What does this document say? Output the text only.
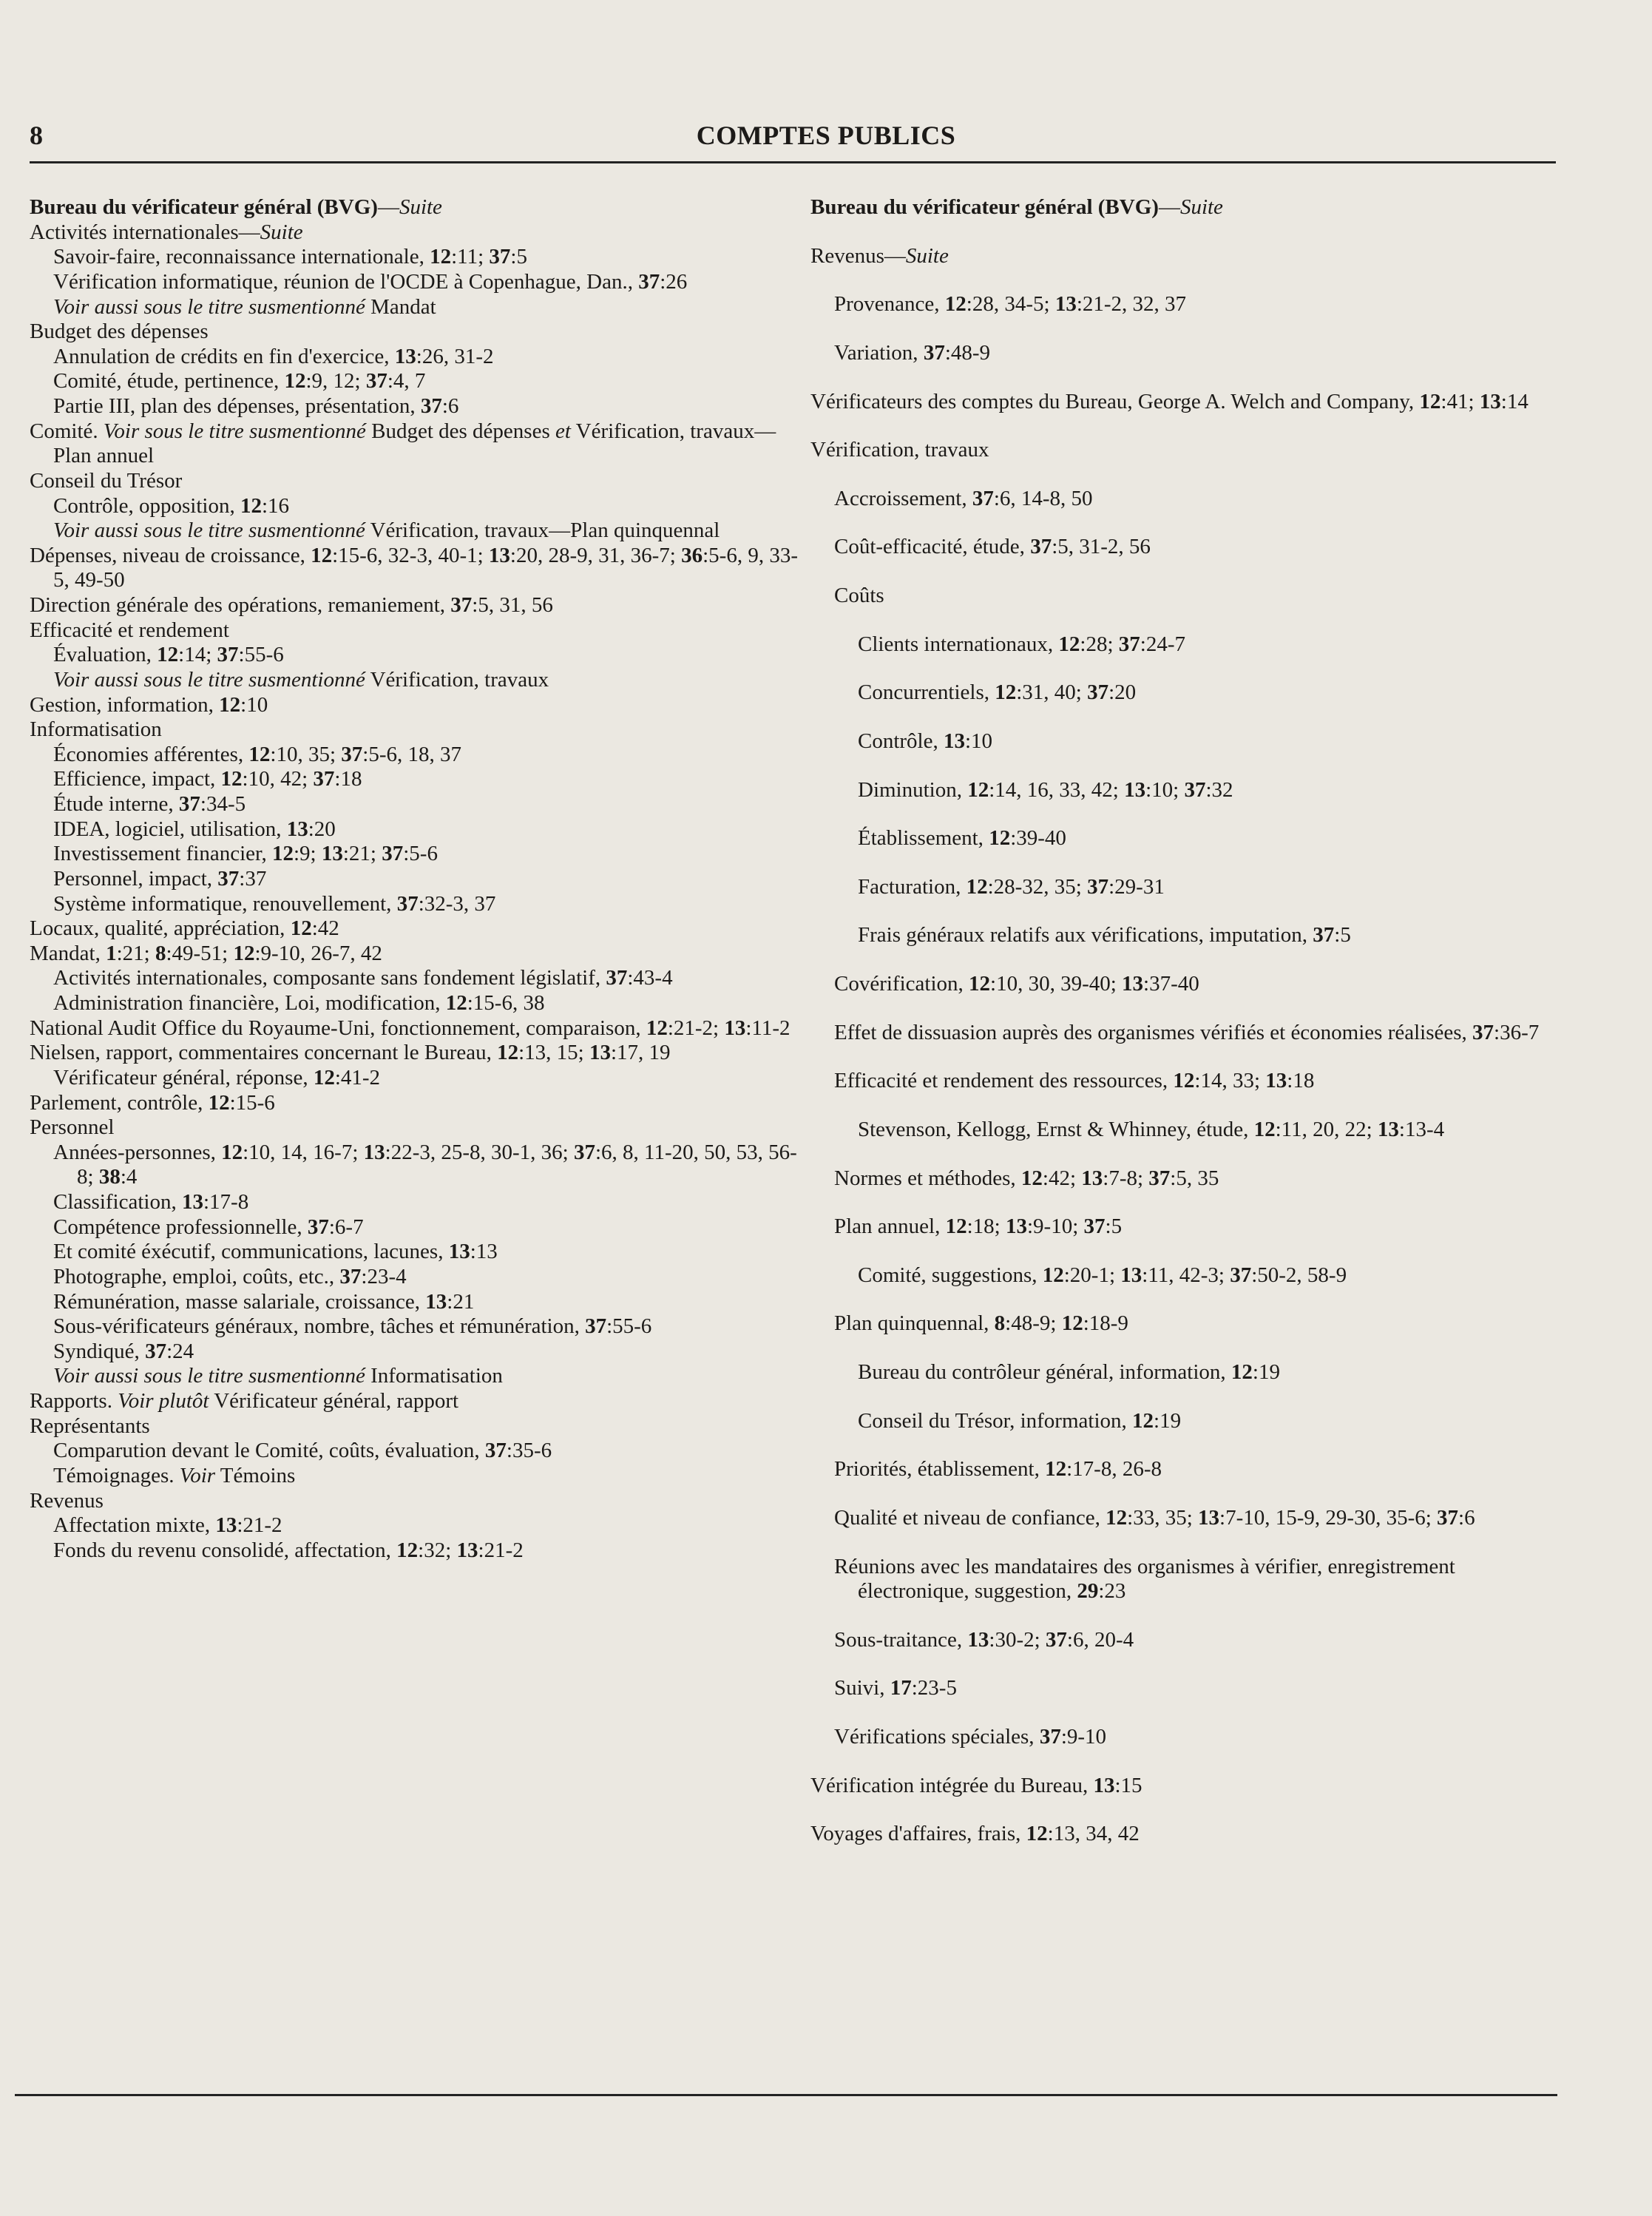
8	COMPTES PUBLICS
Bureau du vérificateur général (BVG)—Suite
Activités internationales—Suite
Savoir-faire, reconnaissance internationale, 12:11; 37:5
Vérification informatique, réunion de l'OCDE à Copenhague, Dan., 37:26
Voir aussi sous le titre susmentionné Mandat
Budget des dépenses
Annulation de crédits en fin d'exercice, 13:26, 31-2
Comité, étude, pertinence, 12:9, 12; 37:4, 7
Partie III, plan des dépenses, présentation, 37:6
Comité. Voir sous le titre susmentionné Budget des dépenses et Vérification, travaux—Plan annuel
Conseil du Trésor
Contrôle, opposition, 12:16
Voir aussi sous le titre susmentionné Vérification, travaux—Plan quinquennal
Dépenses, niveau de croissance, 12:15-6, 32-3, 40-1; 13:20, 28-9, 31, 36-7; 36:5-6, 9, 33-5, 49-50
Direction générale des opérations, remaniement, 37:5, 31, 56
Efficacité et rendement
Évaluation, 12:14; 37:55-6
Voir aussi sous le titre susmentionné Vérification, travaux
Gestion, information, 12:10
Informatisation
Économies afférentes, 12:10, 35; 37:5-6, 18, 37
Efficience, impact, 12:10, 42; 37:18
Étude interne, 37:34-5
IDEA, logiciel, utilisation, 13:20
Investissement financier, 12:9; 13:21; 37:5-6
Personnel, impact, 37:37
Système informatique, renouvellement, 37:32-3, 37
Locaux, qualité, appréciation, 12:42
Mandat, 1:21; 8:49-51; 12:9-10, 26-7, 42
Activités internationales, composante sans fondement législatif, 37:43-4
Administration financière, Loi, modification, 12:15-6, 38
National Audit Office du Royaume-Uni, fonctionnement, comparaison, 12:21-2; 13:11-2
Nielsen, rapport, commentaires concernant le Bureau, 12:13, 15; 13:17, 19
Vérificateur général, réponse, 12:41-2
Parlement, contrôle, 12:15-6
Personnel
Années-personnes, 12:10, 14, 16-7; 13:22-3, 25-8, 30-1, 36; 37:6, 8, 11-20, 50, 53, 56-8; 38:4
Classification, 13:17-8
Compétence professionnelle, 37:6-7
Et comité éxécutif, communications, lacunes, 13:13
Photographe, emploi, coûts, etc., 37:23-4
Rémunération, masse salariale, croissance, 13:21
Sous-vérificateurs généraux, nombre, tâches et rémunération, 37:55-6
Syndiqué, 37:24
Voir aussi sous le titre susmentionné Informatisation
Rapports. Voir plutôt Vérificateur général, rapport
Représentants
Comparution devant le Comité, coûts, évaluation, 37:35-6
Témoignages. Voir Témoins
Revenus
Affectation mixte, 13:21-2
Fonds du revenu consolidé, affectation, 12:32; 13:21-2
Bureau du vérificateur général (BVG)—Suite
Revenus—Suite
Provenance, 12:28, 34-5; 13:21-2, 32, 37
Variation, 37:48-9
Vérificateurs des comptes du Bureau, George A. Welch and Company, 12:41; 13:14
Vérification, travaux
Accroissement, 37:6, 14-8, 50
Coût-efficacité, étude, 37:5, 31-2, 56
Coûts
Clients internationaux, 12:28; 37:24-7
Concurrentiels, 12:31, 40; 37:20
Contrôle, 13:10
Diminution, 12:14, 16, 33, 42; 13:10; 37:32
Établissement, 12:39-40
Facturation, 12:28-32, 35; 37:29-31
Frais généraux relatifs aux vérifications, imputation, 37:5
Covérification, 12:10, 30, 39-40; 13:37-40
Effet de dissuasion auprès des organismes vérifiés et économies réalisées, 37:36-7
Efficacité et rendement des ressources, 12:14, 33; 13:18
Stevenson, Kellogg, Ernst & Whinney, étude, 12:11, 20, 22; 13:13-4
Normes et méthodes, 12:42; 13:7-8; 37:5, 35
Plan annuel, 12:18; 13:9-10; 37:5
Comité, suggestions, 12:20-1; 13:11, 42-3; 37:50-2, 58-9
Plan quinquennal, 8:48-9; 12:18-9
Bureau du contrôleur général, information, 12:19
Conseil du Trésor, information, 12:19
Priorités, établissement, 12:17-8, 26-8
Qualité et niveau de confiance, 12:33, 35; 13:7-10, 15-9, 29-30, 35-6; 37:6
Réunions avec les mandataires des organismes à vérifier, enregistrement électronique, suggestion, 29:23
Sous-traitance, 13:30-2; 37:6, 20-4
Suivi, 17:23-5
Vérifications spéciales, 37:9-10
Vérification intégrée du Bureau, 13:15
Voyages d'affaires, frais, 12:13, 34, 42
